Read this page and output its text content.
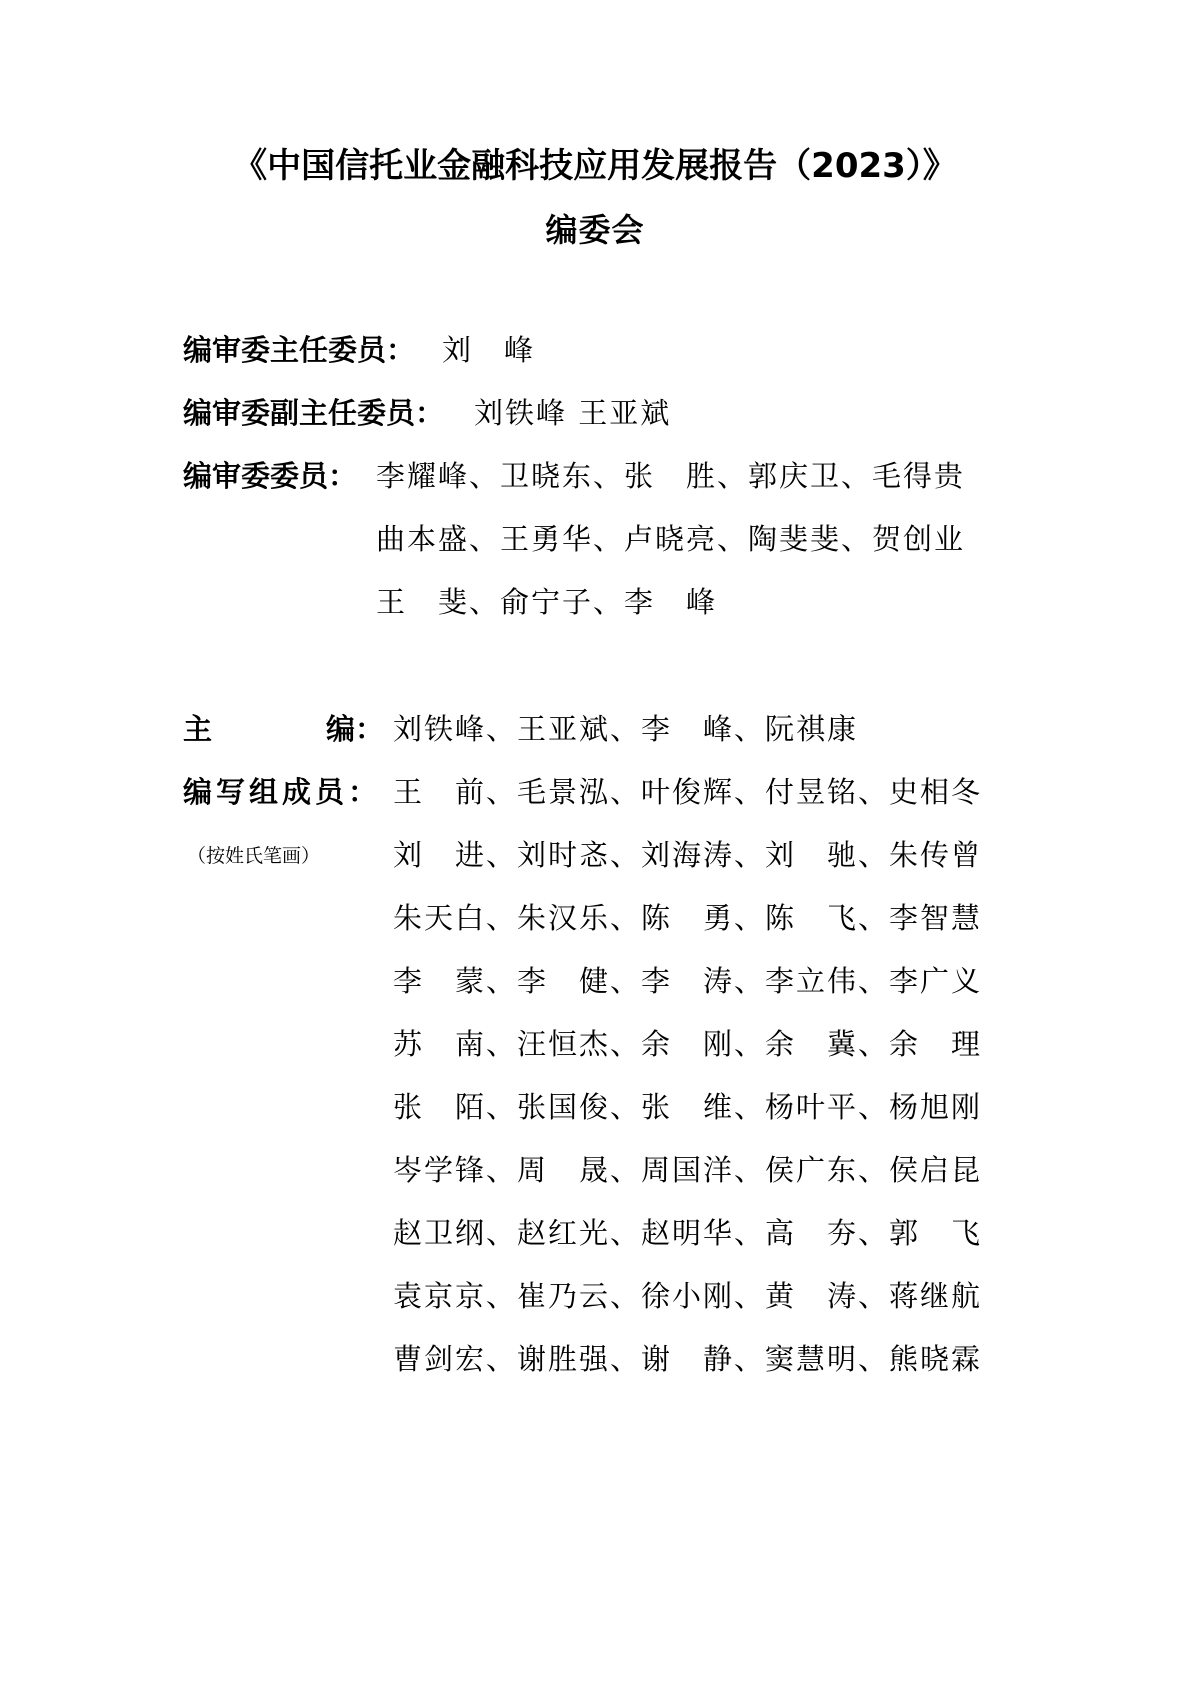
《中国信托业金融科技应用发展报告（2023）》
编委会
编审委主任委员： 刘　峰
编审委副主任委员： 刘铁峰 王亚斌
编审委委员： 李耀峰、卫晓东、张　胜、郭庆卫、毛得贵
曲本盛、王勇华、卢晓亮、陶斐斐、贺创业
王　斐、俞宁子、李　峰
主	编： 刘铁峰、王亚斌、李　峰、阮祺康
编写组成员：
（按姓氏笔画）
王　前、毛景泓、叶俊辉、付昱铭、史相冬
刘　进、刘时忞、刘海涛、刘　驰、朱传曾
朱天白、朱汉乐、陈　勇、陈　飞、李智慧
李　蒙、李　健、李　涛、李立伟、李广义
苏　南、汪恒杰、余　刚、余　冀、余　理
张　陌、张国俊、张　维、杨叶平、杨旭刚
岑学锋、周　晟、周国洋、侯广东、侯启昆
赵卫纲、赵红光、赵明华、高　夯、郭　飞
袁京京、崔乃云、徐小刚、黄　涛、蒋继航
曹剑宏、谢胜强、谢　静、窦慧明、熊晓霖
